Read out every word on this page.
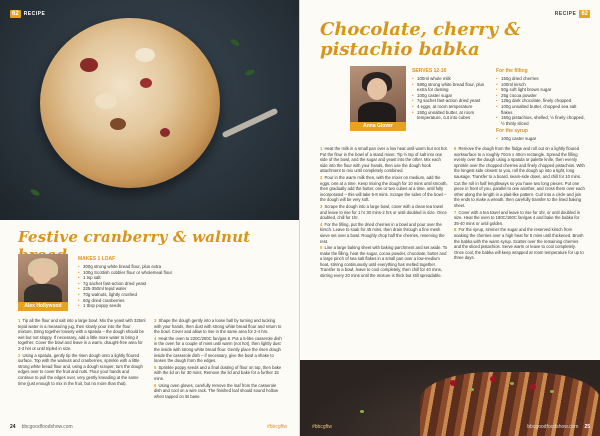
62	RECIPE
Festive cranberry & walnut
Alex Hollywood
MAKES 1 LOAF
• 300g strong white bread flour, plus extra
• 100g Scottish cobbler flour or wholemeal flour
• 1 tsp salt
• 7g sachet fast-action dried yeast
• 325-350ml tepid water
• 70g walnuts, lightly crushed
• 60g dried cranberries
• 1 tbsp poppy seeds

1 Tip all the flour and salt into a large bowl. Mix the yeast with 325ml tepid water in a measuring jug, then slowly pour into the flour mixture. Bring together loosely with a spatula – the dough should be wet but not sloppy. If necessary, add a little more water to bring it together. Cover the bowl and leave in a warm, draught-free area for 2-3 hrs or until tripled in size.

2 Using a spatula, gently tip the risen dough onto a lightly floured surface. Top with the walnuts and cranberries, sprinkle with a little strong white bread flour and, using a dough scraper, turn the dough edges over to cover the fruit and nuts. Flour your hands and continue to pull the edges over, very gently kneading at the same time (just enough to mix in the fruit, but no more than that).

3 Shape the dough gently into a loose ball by turning and tucking with your hands, then dust with strong white bread flour and return to the bowl. Cover and allow to rise in the same area for 2-4 hrs.

4 Heat the oven to 220C/200C fan/gas 8. Put a 5-litre casserole dish in the oven for a couple of mins until warm (not hot), then lightly dust the inside with strong white bread flour. Gently place the risen dough inside the casserole dish – if necessary, give the bowl a shake to loosen the dough from the edges.

5 Sprinkle poppy seeds and a final dusting of flour on top, then bake with the lid on for 30 mins. Remove the lid and bake for a further 15 mins.

6 Using oven gloves, carefully remove the loaf from the casserole dish and cool on a wire rack. The finished loaf should sound hollow when tapped on its base.

24 bbcgoodfoodshow.com	#bbcgftw
RECIPE 62
Chocolate, cherry & pistachio babka
Anna Glover
SERVES 12-16
• 100ml whole milk
• 580g strong white bread flour, plus extra for dusting
• 100g caster sugar
• 7g sachet fast-action dried yeast
• 4 eggs, at room temperature
• 150g unsalted butter, at room temperature, cut into cubes
For the filling
• 150g dried cherries
• 100ml kirsch
• 50g soft light brown sugar
• 25g cocoa powder
• 125g dark chocolate, finely chopped
• 100g unsalted butter, chopped sea salt flakes
• 150g pistachios, shelled, ½ finely chopped, ½ thinly sliced
For the syrup
• 100g caster sugar

1 Heat the milk in a small pan over a low heat until warm but not hot. Put the flour in the bowl of a stand mixer. Tip ½ tsp of salt into one side of the bowl, and the sugar and yeast into the other. Mix each side into the flour with your hands, then use the dough hook attachment to mix until completely combined.

2 Pour in the warm milk then, with the mixer on medium, add the eggs, one at a time. Keep mixing the dough for 10 mins until smooth, then gradually add the butter, one or two cubes at a time, until fully incorporated – this will take 5-8 mins. Scrape the sides of the bowl – the dough will be very soft.

3 Scrape the dough into a large bowl, cover with a clean tea towel and leave to rise for 1 hr 30 mins-2 hrs or until doubled in size. Once doubled, chill for 1hr.

4 For the filling, put the dried cherries in a bowl and pour over the kirsch. Leave to soak for 45 mins, then drain through a fine mesh sieve set over a bowl. Roughly chop half the cherries, reserving the rest.

5 Line a large baking sheet with baking parchment and set aside. To make the filling, heat the sugar, cocoa powder, chocolate, butter and a large pinch of sea salt flakes in a small pan over a low-medium heat, stirring continuously until everything has melted together. Transfer to a bowl, leave to cool completely, then chill for 40 mins, stirring every 20 mins until the mixture is thick but still spreadable.

6 Remove the dough from the fridge and roll out on a lightly floured worksurface to a roughly 70cm x 40cm rectangle. Spread the filling evenly over the dough using a spatula or palette knife, then evenly sprinkle over the chopped cherries and finely chopped pistachios. With the longest side closest to you, roll the dough up into a tight, long sausage. Transfer to a board, seam-side down, and chill for 10 mins.

Cut the roll in half lengthways so you have two long pieces. Put one piece in front of you, parallel to one another, and cross them over each other along the length in a plait-like pattern. Curl into a circle and join the ends to make a wreath, then carefully transfer to the lined baking sheet.

7 Cover with a tea towel and leave to rise for 1hr, or until doubled in size. Heat the oven to 180C/160C fan/gas 4 and bake the babka for 35-40 mins or until golden.

8 For the syrup, simmer the sugar and the reserved kirsch from soaking the cherries over a high heat for 5 mins until thickened. Brush the babka with the warm syrup. Scatter over the remaining cherries and the sliced pistachios. Serve warm or leave to cool completely. Once cool, the babka will keep wrapped at room temperature for up to three days.

#bbcgftw	bbcgoodfoodshow.com 25
